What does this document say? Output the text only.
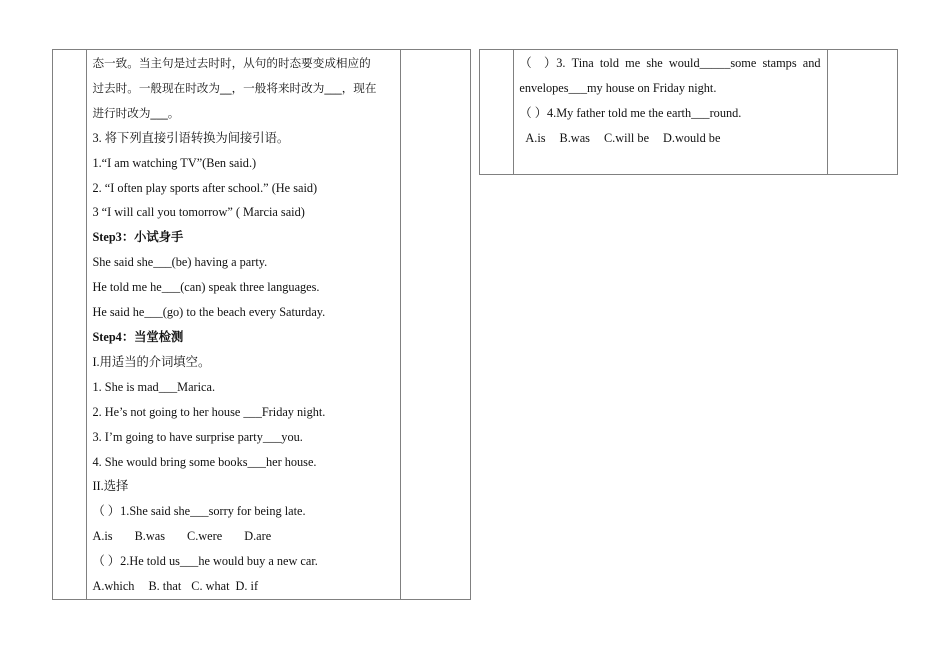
态一致。当主句是过去时时，从句的时态要变成相应的

过去时。一般现在时改为__，一般将来时改为___，现在

进行时改为___。

3. 将下列直接引语转换为间接引语。

1.“I am watching TV”(Ben said.)

2. “I often play sports after school.” (He said)

3 “I will call you tomorrow” ( Marcia said)

Step3：小试身手

She said she___(be) having a party.

He told me he___(can) speak three languages.

He said he___(go) to the beach every Saturday.

Step4：当堂检测

I.用适当的介词填空。

1. She is mad___Marica.

2. He’s not going to her house ___Friday night.

3. I’m going to have surprise party___you.

4. She would bring some books___her house.

II.选择

（ ）1.She said she___sorry for being late.

A.is B.was C.were D.are

（ ）2.He told us___he would buy a new car.

A.which B. that C. what D. if

（    ）3.  Tina  told  me  she  would_____some  stamps  and

envelopes___my house on Friday night.

（ ）4.My father told me the earth___round.

A.is B.was C.will be D.would be
